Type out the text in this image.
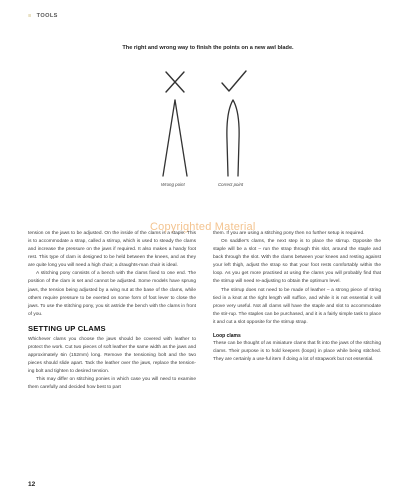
≡ TOOLS
The right and wrong way to finish the points on a new awl blade.
Wrong point	Correct point
Copyrighted Material

tension on the jaws to be adjusted. On the inside of the clams is a staple. This is to accommodate a strap, called a stirrup, which is used to steady the clams and increase the pressure on the jaws if required. It also makes a handy foot rest. This type of clam is designed to be held between the knees, and as they are quite long you will need a high chair; a draughts-man chair is ideal.

A stitching pony consists of a bench with the clams fixed to one end. The position of the clam is set and cannot be adjusted. Some models have sprung jaws, the tension being adjusted by a wing nut at the base of the clams, while others require pressure to be exerted on some form of foot lever to close the jaws. To use the stitching pony, you sit astride the bench with the clams in front of you.

SETTING UP CLAMS

Whichever clams you choose the jaws should be covered with leather to protect the work. Cut two pieces of soft leather the same width as the jaws and approximately 6in (152mm) long. Remove the tensioning bolt and the two pieces should slide apart. Tack the leather over the jaws, replace the tension-ing bolt and tighten to desired tension.

This may differ on stitching ponies in which case you will need to examine them carefully and decided how best to part

them. If you are using a stitching pony then no further setup is required.

On saddler's clams, the next step is to place the stirrup. Opposite the staple will be a slot – run the strap through this slot, around the staple and back through the slot. With the clams between your knees and resting against your left thigh, adjust the strap so that your foot rests comfortably within the loop. As you get more practised at using the clams you will probably find that the stirrup will need re-adjusting to obtain the optimum level.

The stirrup does not need to be made of leather – a strong piece of string tied in a knot at the right length will suffice, and while it is not essential it will prove very useful. Not all clams will have the staple and slot to accommodate the stir-rup. The staples can be purchased, and it is a fairly simple task to place it and cut a slot opposite for the stirrup strap.

Loop clams

These can be thought of as miniature clams that fit into the jaws of the stitching clams. Their purpose is to hold keepers (loops) in place while being stitched. They are certainly a use-ful item if doing a lot of strapwork but not essential.

12
